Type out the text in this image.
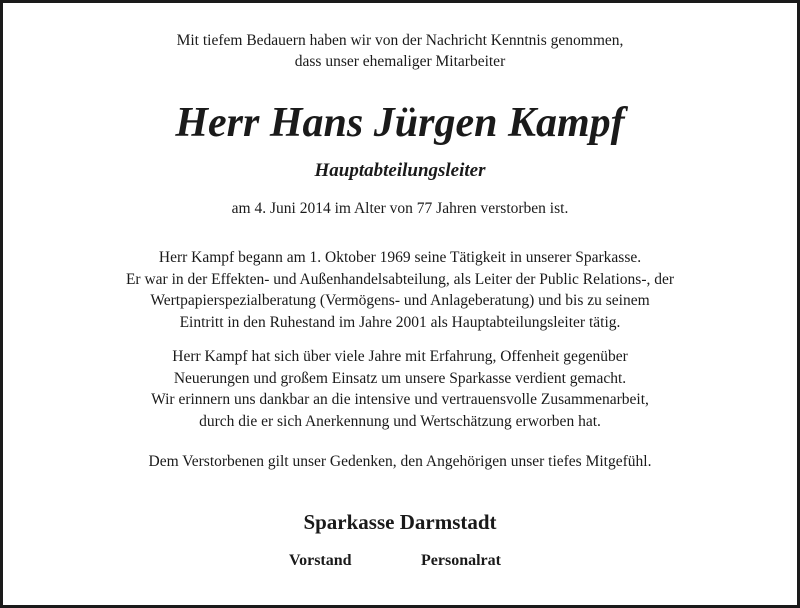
Mit tiefem Bedauern haben wir von der Nachricht Kenntnis genommen,
dass unser ehemaliger Mitarbeiter
Herr Hans Jürgen Kampf
Hauptabteilungsleiter
am 4. Juni 2014 im Alter von 77 Jahren verstorben ist.
Herr Kampf begann am 1. Oktober 1969 seine Tätigkeit in unserer Sparkasse.
Er war in der Effekten- und Außenhandelsabteilung, als Leiter der Public Relations-, der
Wertpapierspezialberatung (Vermögens- und Anlageberatung) und bis zu seinem
Eintritt in den Ruhestand im Jahre 2001 als Hauptabteilungsleiter tätig.
Herr Kampf hat sich über viele Jahre mit Erfahrung, Offenheit gegenüber
Neuerungen und großem Einsatz um unsere Sparkasse verdient gemacht.
Wir erinnern uns dankbar an die intensive und vertrauensvolle Zusammenarbeit,
durch die er sich Anerkennung und Wertschätzung erworben hat.
Dem Verstorbenen gilt unser Gedenken, den Angehörigen unser tiefes Mitgefühl.
Sparkasse Darmstadt
Vorstand	Personalrat
